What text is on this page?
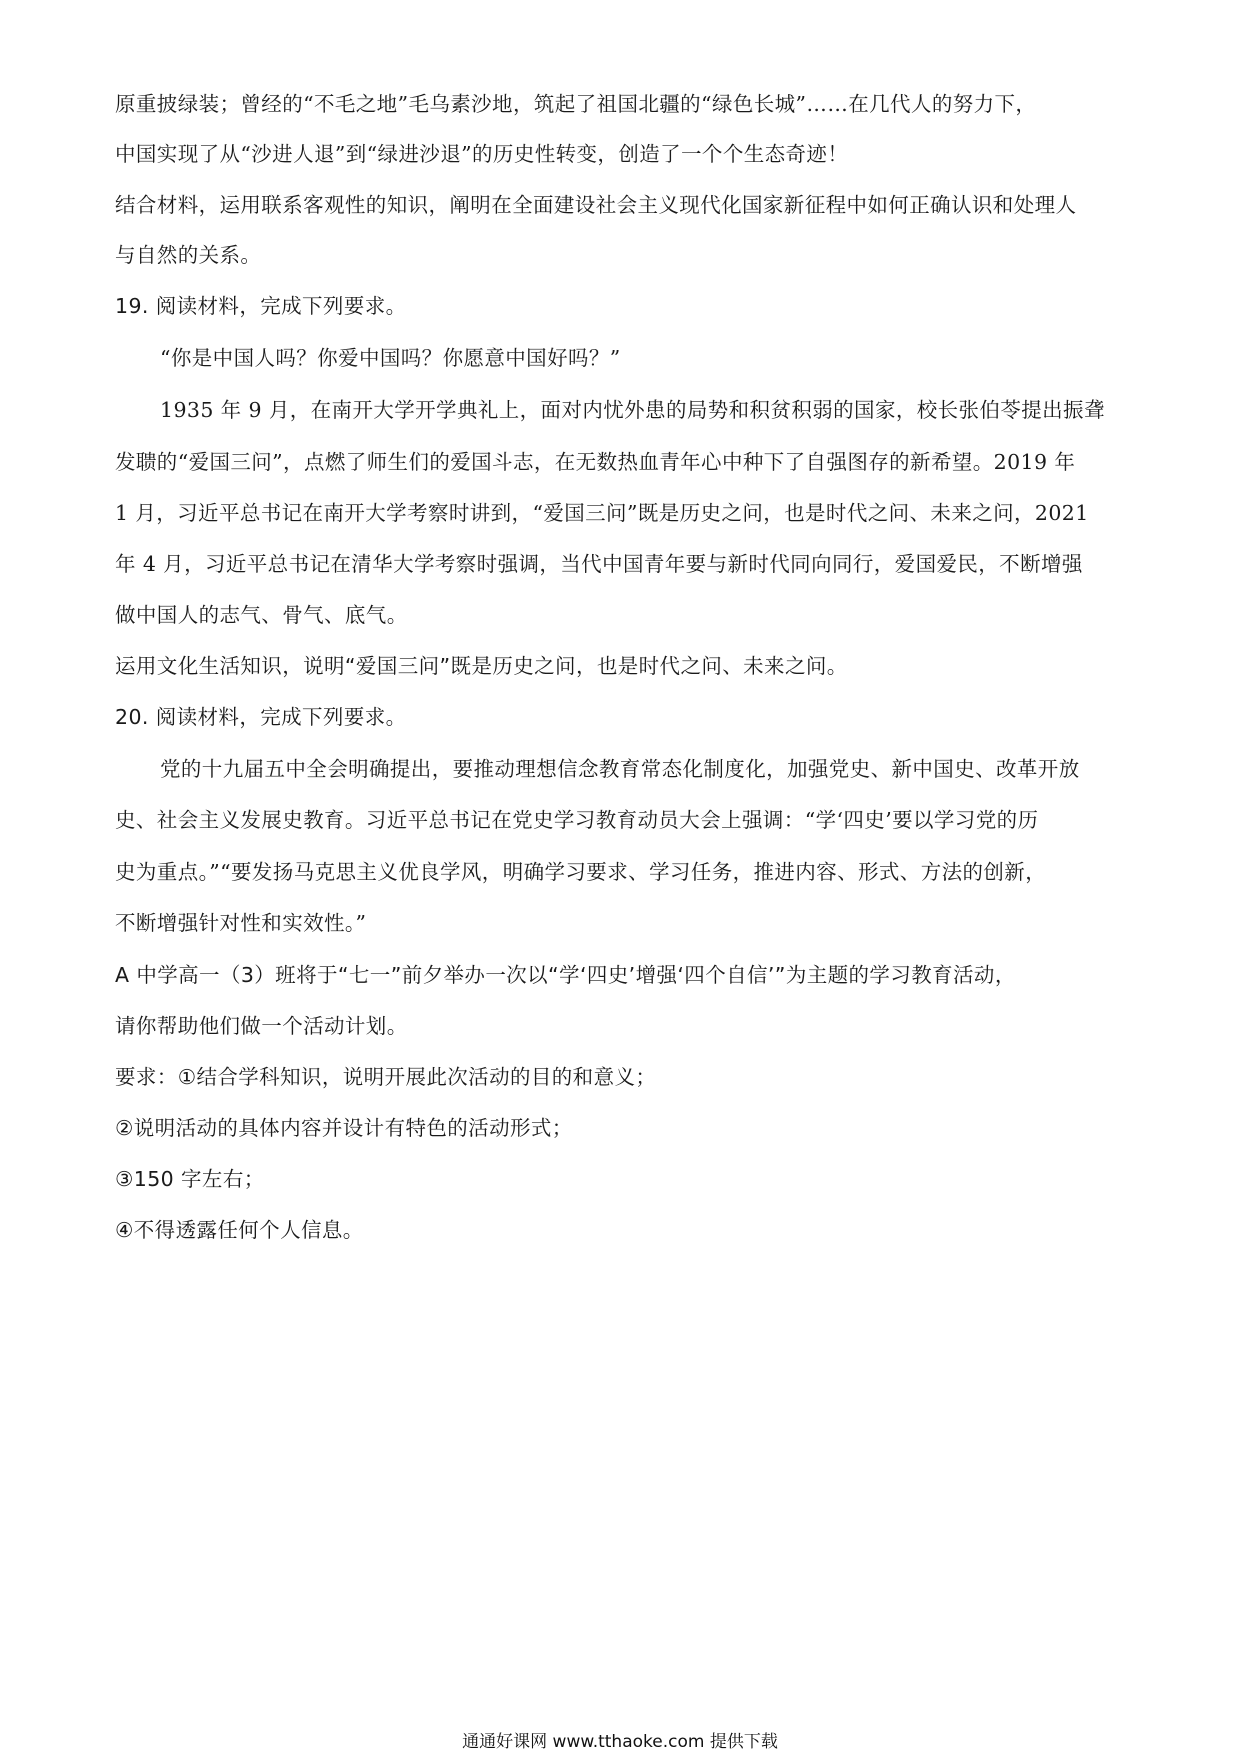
原重披绿装；曾经的“不毛之地”毛乌素沙地，筑起了祖国北疆的“绿色长城”……在几代人的努力下，
中国实现了从“沙进人退”到“绿进沙退”的历史性转变，创造了一个个生态奇迹！
结合材料，运用联系客观性的知识，阐明在全面建设社会主义现代化国家新征程中如何正确认识和处理人
与自然的关系。
19. 阅读材料，完成下列要求。
“你是中国人吗？你爱中国吗？你愿意中国好吗？”
1935 年 9 月，在南开大学开学典礼上，面对内忧外患的局势和积贫积弱的国家，校长张伯苓提出振聋
发聩的“爱国三问”，点燃了师生们的爱国斗志，在无数热血青年心中种下了自强图存的新希望。2019 年
1 月，习近平总书记在南开大学考察时讲到，“爱国三问”既是历史之问，也是时代之问、未来之问，2021
年 4 月，习近平总书记在清华大学考察时强调，当代中国青年要与新时代同向同行，爱国爱民，不断增强
做中国人的志气、骨气、底气。
运用文化生活知识，说明“爱国三问”既是历史之问，也是时代之问、未来之问。
20. 阅读材料，完成下列要求。
党的十九届五中全会明确提出，要推动理想信念教育常态化制度化，加强党史、新中国史、改革开放
史、社会主义发展史教育。习近平总书记在党史学习教育动员大会上强调：“学‘四史’要以学习党的历
史为重点。”“要发扬马克思主义优良学风，明确学习要求、学习任务，推进内容、形式、方法的创新，
不断增强针对性和实效性。”
A 中学高一（3）班将于“七一”前夕举办一次以“学‘四史’增强‘四个自信’”为主题的学习教育活动，
请你帮助他们做一个活动计划。
要求：①结合学科知识，说明开展此次活动的目的和意义；
②说明活动的具体内容并设计有特色的活动形式；
③150 字左右；
④不得透露任何个人信息。
通通好课网 www.tthaoke.com 提供下载
